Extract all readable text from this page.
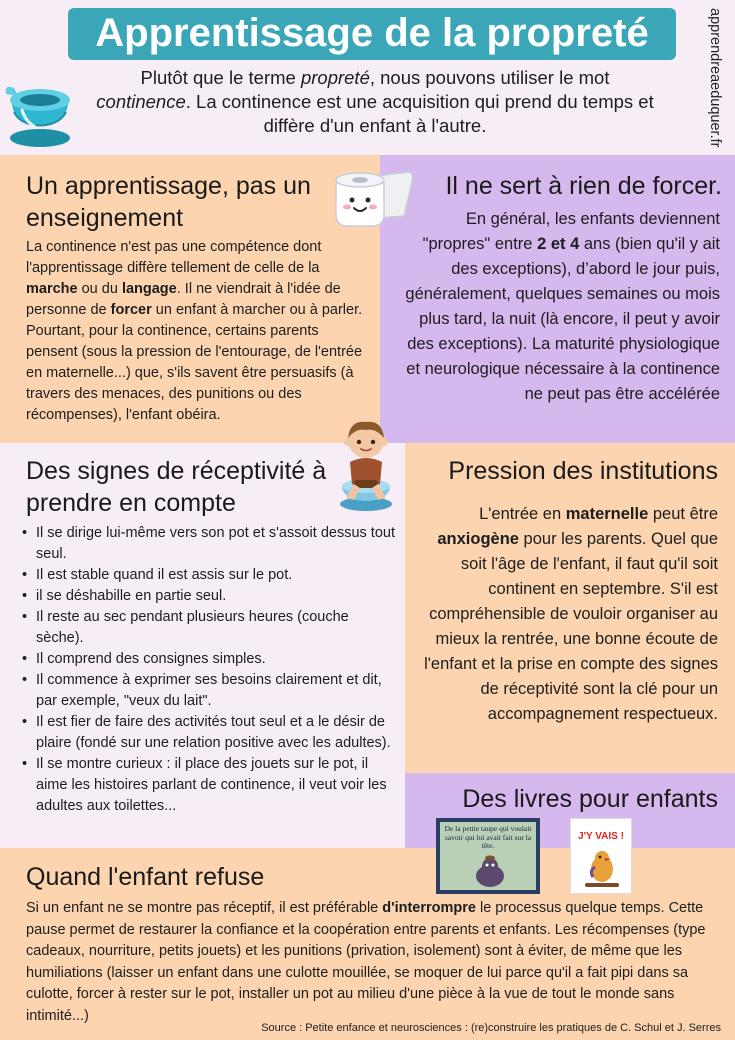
Apprentissage de la propreté	apprendreaeduquer.fr

Plutôt que le terme propreté, nous pouvons utiliser le mot continence. La continence est une acquisition qui prend du temps et diffère d'un enfant à l'autre.

Un apprentissage, pas un enseignement

La continence n'est pas une compétence dont l'apprentissage diffère tellement de celle de la marche ou du langage. Il ne viendrait à l'idée de personne de forcer un enfant à marcher ou à parler. Pourtant, pour la continence, certains parents pensent (sous la pression de l'entourage, de l'entrée en maternelle...) que, s'ils savent être persuasifs (à travers des menaces, des punitions ou des récompenses), l'enfant obéira.

Il ne sert à rien de forcer.

En général, les enfants deviennent "propres" entre 2 et 4 ans (bien qu'il y ait des exceptions), d’abord le jour puis, généralement, quelques semaines ou mois plus tard, la nuit (là encore, il peut y avoir des exceptions). La maturité physiologique et neurologique nécessaire à la continence ne peut pas être accélérée

Des signes de réceptivité à prendre en compte
• Il se dirige lui-même vers son pot et s'assoit dessus tout seul.
• Il est stable quand il est assis sur le pot.
• il se déshabille en partie seul.
• Il reste au sec pendant plusieurs heures (couche sèche).
• Il comprend des consignes simples.
• Il commence à exprimer ses besoins clairement et dit, par exemple, "veux du lait".
• Il est fier de faire des activités tout seul et a le désir de plaire (fondé sur une relation positive avec les adultes).
• Il se montre curieux : il place des jouets sur le pot, il aime les histoires parlant de continence, il veut voir les adultes aux toilettes...
Pression des institutions

L'entrée en maternelle peut être anxiogène pour les parents. Quel que soit l'âge de l'enfant, il faut qu'il soit continent en septembre. S'il est compréhensible de vouloir organiser au mieux la rentrée, une bonne écoute de l'enfant et la prise en compte des signes de réceptivité sont la clé pour un accompagnement respectueux.

Des livres pour enfants
De la petite taupe qui voulait savoir qui lui avait fait sur la tête.
J'Y VAIS !
Quand l'enfant refuse

Si un enfant ne se montre pas réceptif, il est préférable d'interrompre le processus quelque temps. Cette pause permet de restaurer la confiance et la coopération entre parents et enfants. Les récompenses (type cadeaux, nourriture, petits jouets) et les punitions (privation, isolement) sont à éviter, de même que les humiliations (laisser un enfant dans une culotte mouillée, se moquer de lui parce qu'il a fait pipi dans sa culotte, forcer à rester sur le pot, installer un pot au milieu d'une pièce à la vue de tout le monde sans intimité...)

Source : Petite enfance et neurosciences : (re)construire les pratiques de C. Schul et J. Serres
